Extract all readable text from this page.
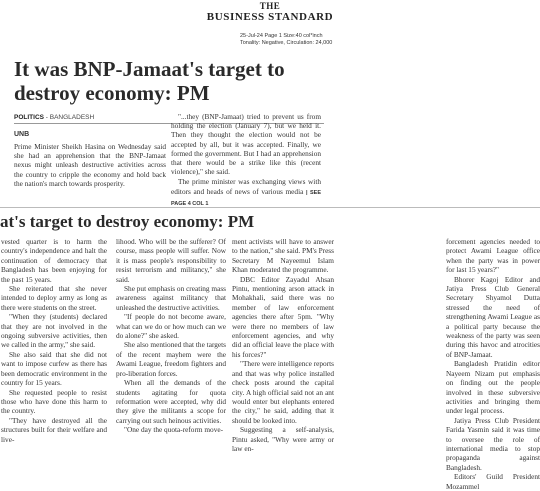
THE
BUSINESS STANDARD
25-Jul-24 Page 1 Size:40 col*inch
Tonality: Negative, Circulation: 24,000
It was BNP-Jamaat's target to destroy economy: PM
POLITICS - BANGLADESH
UNB
Prime Minister Sheikh Hasina on Wednesday said she had an apprehension that the BNP-Jamaat nexus might unleash destructive activities across the country to cripple the economy and hold back the nation's march towards prosperity.

"...they (BNP-Jamaat) tried to prevent us from holding the election (January 7), but we held it. Then they thought the election would not be accepted by all, but it was accepted. Finally, we formed the government. But I had an apprehension that there would be a strike like this (recent violence)," she said.

The prime minister was exchanging views with editors and heads of news of various media | SEE PAGE 4 COL 1

at's target to destroy economy: PM

vested quarter is to harm the country's independence and halt the continuation of democracy that Bangladesh has been enjoying for the past 15 years.

She reiterated that she never intended to deploy army as long as there were students on the street.

"When they (students) declared that they are not involved in the ongoing subversive activities, then we called in the army," she said.

She also said that she did not want to impose curfew as there has been democratic environment in the country for 15 years.

She requested people to resist those who have done this harm to the country.

"They have destroyed all the structures built for their welfare and live-

lihood. Who will be the sufferer? Of course, mass people will suffer. Now it is mass people's responsibility to resist terrorism and militancy," she said.

She put emphasis on creating mass awareness against militancy that unleashed the destructive activities.

"If people do not become aware, what can we do or how much can we do alone?" she asked.

She also mentioned that the targets of the recent mayhem were the Awami League, freedom fighters and pro-liberation forces.

When all the demands of the students agitating for quota reformation were accepted, why did they give the militants a scope for carrying out such heinous activities.

"One day the quota-reform move-

ment activists will have to answer to the nation," she said. PM's Press Secretary M Nayeemul Islam Khan moderated the programme.

DBC Editor Zayadul Ahsan Pintu, mentioning arson attack in Mohakhali, said there was no member of law enforcement agencies there after 5pm. "Why were there no members of law enforcement agencies, and why did an official leave the place with his forces?"

"There were intelligence reports and that was why police installed check posts around the capital city. A high official said not an ant would enter but elephants entered the city," he said, adding that it should be looked into.

Suggesting a self-analysis, Pintu asked, "Why were army or law en-

forcement agencies needed to protect Awami League office when the party was in power for last 15 years?"

Bhorer Kagoj Editor and Jatiya Press Club General Secretary Shyamol Dutta stressed the need of strengthening Awami League as a political party because the weakness of the party was seen during this havoc and atrocities of BNP-Jamaat.

Bangladesh Pratidin editor Nayeem Nizam put emphasis on finding out the people involved in these subversive activities and bringing them under legal process.

Jatiya Press Club President Farida Yasmin said it was time to oversee the role of international media to stop propaganda against Bangladesh.

Editors' Guild President Mozammel
